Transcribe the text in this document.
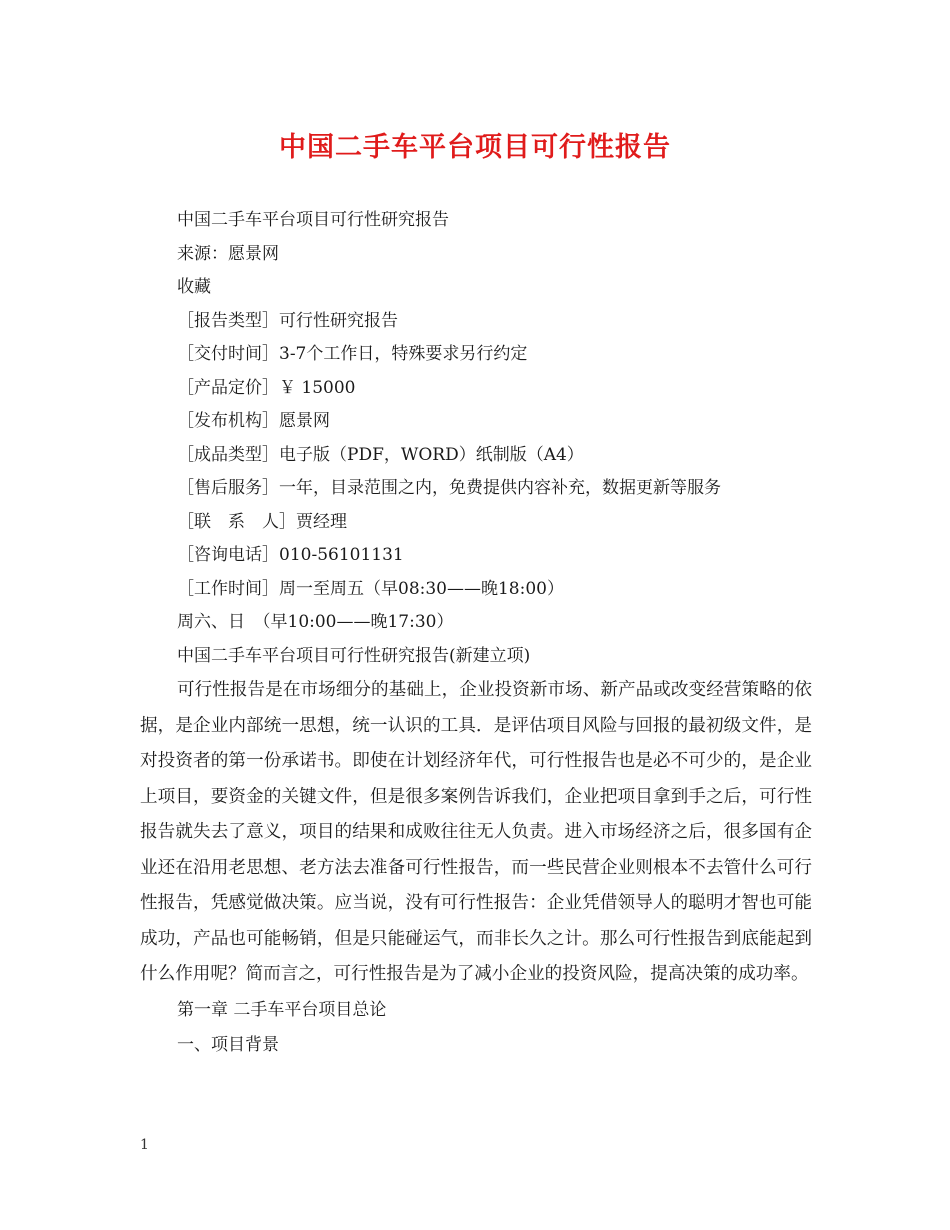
中国二手车平台项目可行性报告
中国二手车平台项目可行性研究报告
来源：愿景网
收藏
［报告类型］可行性研究报告
［交付时间］3-7个工作日，特殊要求另行约定
［产品定价］￥ 15000
［发布机构］愿景网
［成品类型］电子版（PDF，WORD）纸制版（A4）
［售后服务］一年，目录范围之内，免费提供内容补充，数据更新等服务
［联　系　人］贾经理
［咨询电话］010-56101131
［工作时间］周一至周五（早08:30——晚18:00）
周六、日　（早10:00——晚17:30）
中国二手车平台项目可行性研究报告(新建立项)

可行性报告是在市场细分的基础上，企业投资新市场、新产品或改变经营策略的依据，是企业内部统一思想，统一认识的工具．是评估项目风险与回报的最初级文件，是对投资者的第一份承诺书。即使在计划经济年代，可行性报告也是必不可少的，是企业上项目，要资金的关键文件，但是很多案例告诉我们，企业把项目拿到手之后，可行性报告就失去了意义，项目的结果和成败往往无人负责。进入市场经济之后，很多国有企业还在沿用老思想、老方法去准备可行性报告，而一些民营企业则根本不去管什么可行性报告，凭感觉做决策。应当说，没有可行性报告：企业凭借领导人的聪明才智也可能成功，产品也可能畅销，但是只能碰运气，而非长久之计。那么可行性报告到底能起到什么作用呢？简而言之，可行性报告是为了减小企业的投资风险，提高决策的成功率。

第一章 二手车平台项目总论
一、项目背景
1
